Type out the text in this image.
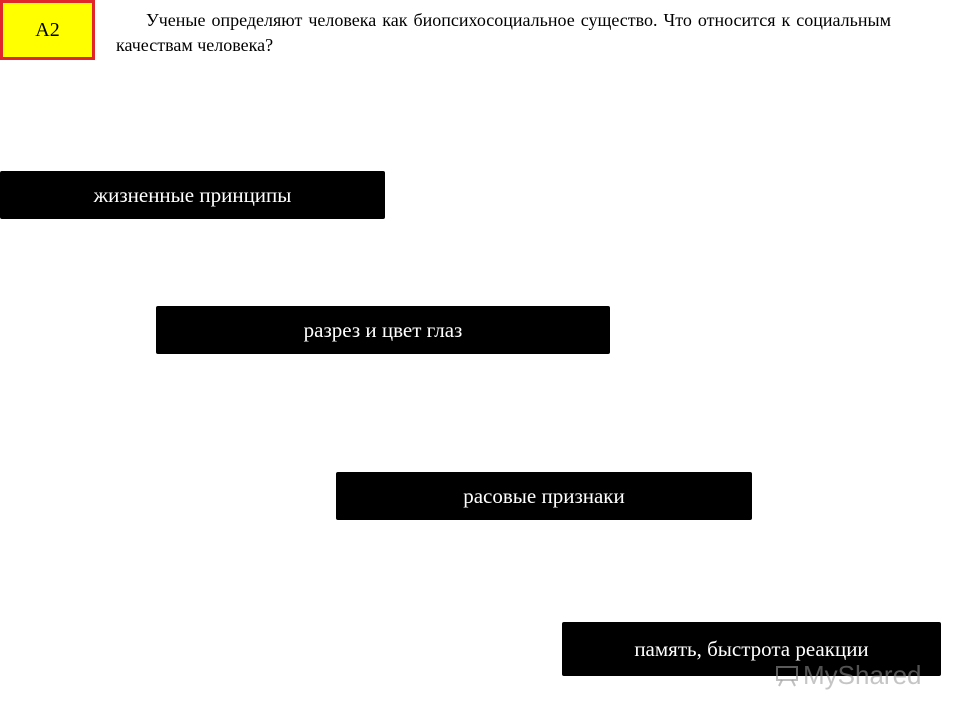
А2	Ученые определяют человека как биопсихосоциальное существо. Что относится к социальным качествам человека?
жизненные принципы
разрез и цвет глаз
расовые признаки
память, быстрота реакции
MyShared
